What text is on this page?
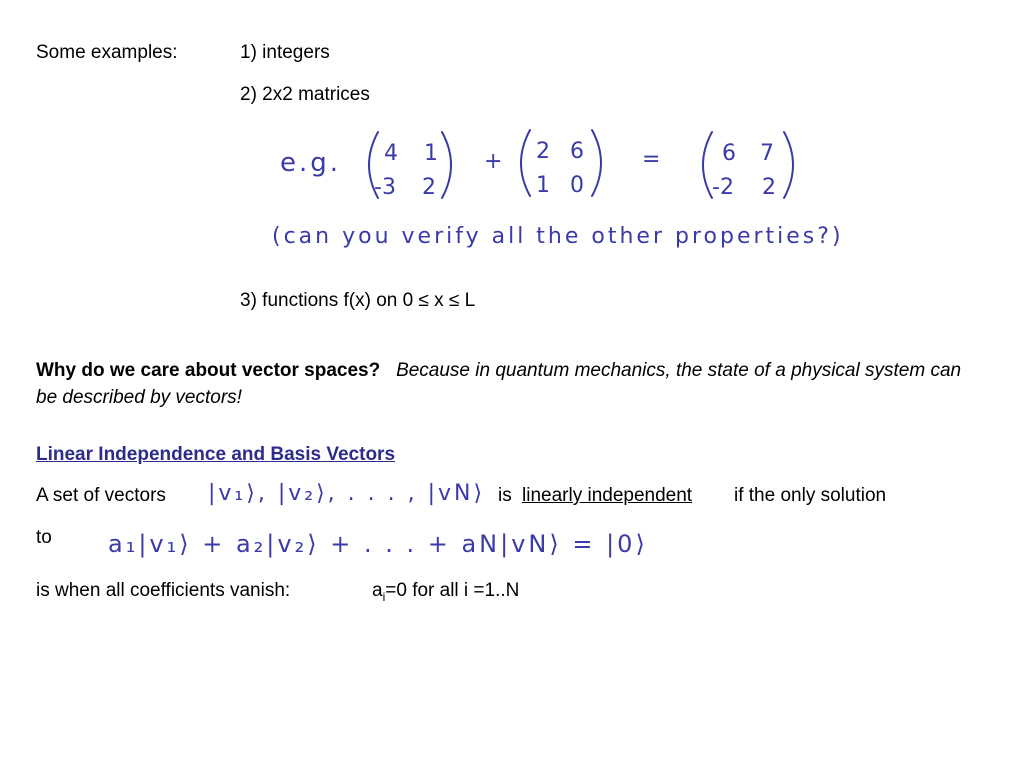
Some examples:	1) integers
2) 2x2 matrices
e.g. 4 1
-3 2
+ 2 6
1 0
=	6 7
-2 2
(can you verify all the other properties?)
3) functions f(x) on 0 ≤ x ≤ L
Why do we care about vector spaces? Because in quantum mechanics, the state of a physical system can be described by vectors!
Linear Independence and Basis Vectors
A set of vectors |v₁⟩, |v₂⟩, . . . , |vN⟩ is linearly independent if the only solution
to a₁|v₁⟩ + a₂|v₂⟩ + . . . + aN|vN⟩ = |0⟩
is when all coefficients vanish:	$a_i=0$ for all i =1..N
